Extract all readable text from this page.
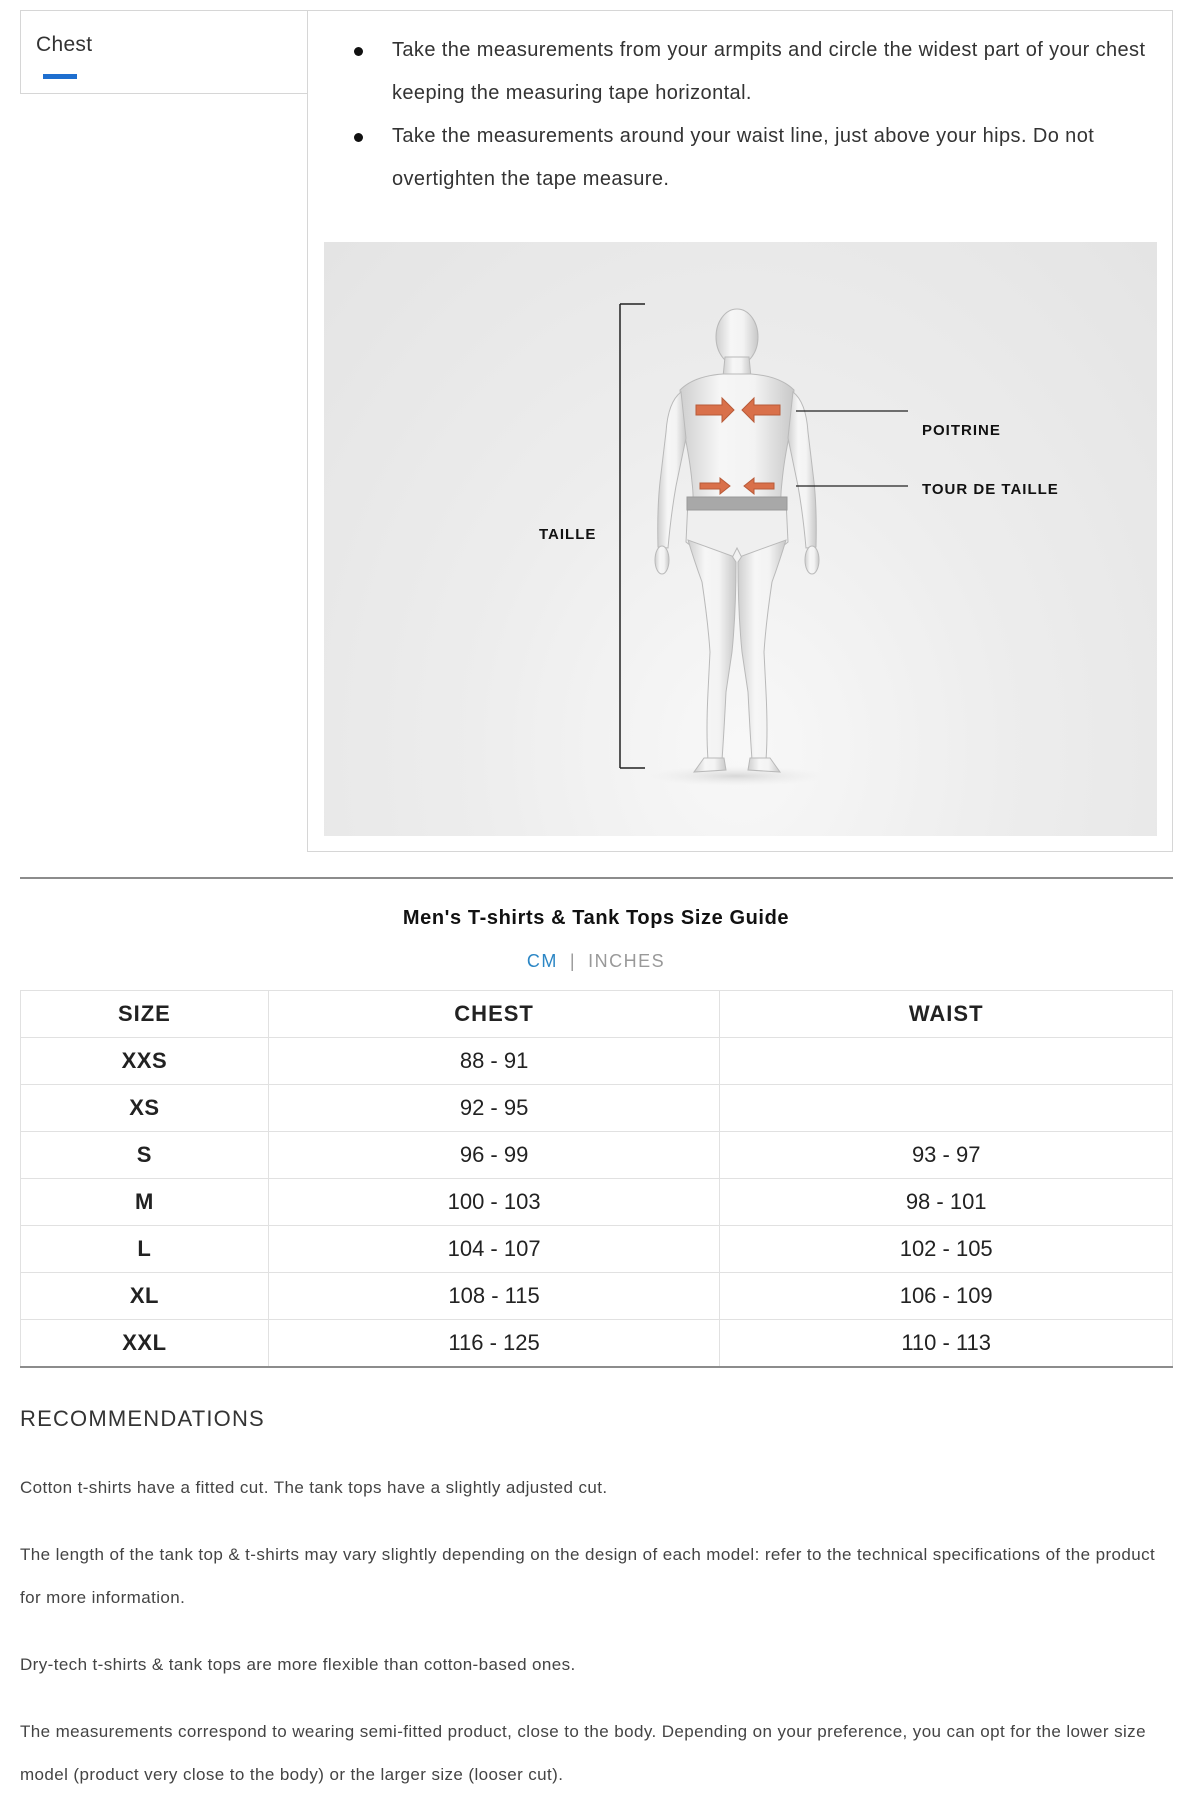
Chest	Take the measurements from your armpits and circle the widest part of your chest keeping the measuring tape horizontal.
Take the measurements around your waist line, just above your hips. Do not overtighten the tape measure.
TAILLE
POITRINE
TOUR DE TAILLE
Men's T-shirts & Tank Tops Size Guide
CM | INCHES
SIZE	CHEST	WAIST
XXS	88 - 91	
XS	92 - 95	
S	96 - 99	93 - 97
M	100 - 103	98 - 101
L	104 - 107	102 - 105
XL	108 - 115	106 - 109
XXL	116 - 125	110 - 113
RECOMMENDATIONS

Cotton t-shirts have a fitted cut. The tank tops have a slightly adjusted cut.

The length of the tank top & t-shirts may vary slightly depending on the design of each model: refer to the technical specifications of the product for more information.

Dry-tech t-shirts & tank tops are more flexible than cotton-based ones.

The measurements correspond to wearing semi-fitted product, close to the body. Depending on your preference, you can opt for the lower size model (product very close to the body) or the larger size (looser cut).
